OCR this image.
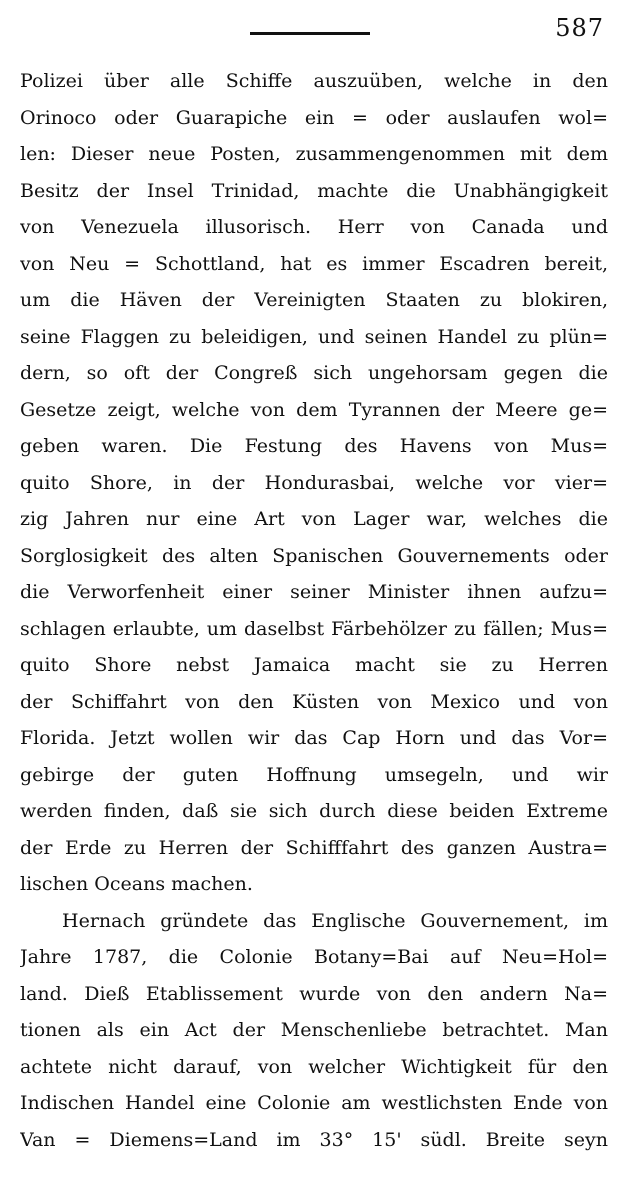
587
Polizei über alle Schiffe auszuüben, welche in den
Orinoco oder Guarapiche ein = oder auslaufen wol=
len: Dieser neue Posten, zusammengenommen mit dem
Besitz der Insel Trinidad, machte die Unabhängigkeit
von Venezuela illusorisch. Herr von Canada und
von Neu = Schottland, hat es immer Escadren bereit,
um die Häven der Vereinigten Staaten zu blokiren,
seine Flaggen zu beleidigen, und seinen Handel zu plün=
dern, so oft der Congreß sich ungehorsam gegen die
Gesetze zeigt, welche von dem Tyrannen der Meere ge=
geben waren. Die Festung des Havens von Mus=
quito Shore, in der Hondurasbai, welche vor vier=
zig Jahren nur eine Art von Lager war, welches die
Sorglosigkeit des alten Spanischen Gouvernements oder
die Verworfenheit einer seiner Minister ihnen aufzu=
schlagen erlaubte, um daselbst Färbehölzer zu fällen; Mus=
quito Shore nebst Jamaica macht sie zu Herren
der Schiffahrt von den Küsten von Mexico und von
Florida. Jetzt wollen wir das Cap Horn und das Vor=
gebirge der guten Hoffnung umsegeln, und wir
werden finden, daß sie sich durch diese beiden Extreme
der Erde zu Herren der Schifffahrt des ganzen Austra=
lischen Oceans machen.
Hernach gründete das Englische Gouvernement, im
Jahre 1787, die Colonie Botany=Bai auf Neu=Hol=
land. Dieß Etablissement wurde von den andern Na=
tionen als ein Act der Menschenliebe betrachtet. Man
achtete nicht darauf, von welcher Wichtigkeit für den
Indischen Handel eine Colonie am westlichsten Ende von
Van = Diemens=Land im 33° 15' südl. Breite seyn
